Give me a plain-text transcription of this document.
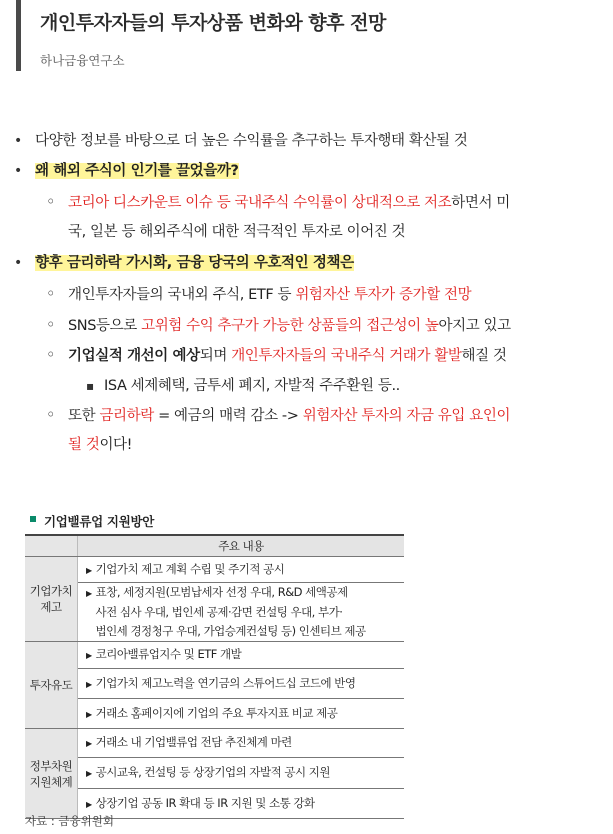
개인투자자들의 투자상품 변화와 향후 전망
하나금융연구소
•
다양한 정보를 바탕으로 더 높은 수익률을 추구하는 투자행태 확산될 것
•
왜 해외 주식이 인기를 끌었을까?
◦
코리아 디스카운트 이슈 등 국내주식 수익률이 상대적으로 저조하면서 미
국, 일본 등 해외주식에 대한 적극적인 투자로 이어진 것
•
향후 금리하락 가시화, 금융 당국의 우호적인 정책은
◦
개인투자자들의 국내외 주식, ETF 등 위험자산 투자가 증가할 전망
◦
SNS등으로 고위험 수익 추구가 가능한 상품들의 접근성이 높아지고 있고
◦
기업실적 개선이 예상되며 개인투자자들의 국내주식 거래가 활발해질 것
▪
ISA 세제혜택, 금투세 폐지, 자발적 주주환원 등..
◦
또한 금리하락 = 예금의 매력 감소 -> 위험자산 투자의 자금 유입 요인이
될 것이다!
기업밸류업 지원방안
	주요 내용
기업가치
제고	▶ 기업가치 제고 계획 수립 및 주기적 공시
	▶ 표창, 세정지원(모범납세자 선정 우대, R&D 세액공제
사전 심사 우대, 법인세 공제·감면 컨설팅 우대, 부가·
법인세 경정청구 우대, 가업승계컨설팅 등) 인센티브 제공
투자유도	▶ 코리아밸류업지수 및 ETF 개발
	▶ 기업가치 제고노력을 연기금의 스튜어드십 코드에 반영
	▶ 거래소 홈페이지에 기업의 주요 투자지표 비교 제공
정부차원
지원체계	▶ 거래소 내 기업밸류업 전담 추진체계 마련
	▶ 공시교육, 컨설팅 등 상장기업의 자발적 공시 지원
	▶ 상장기업 공동 IR 확대 등 IR 지원 및 소통 강화
자료 : 금융위원회
